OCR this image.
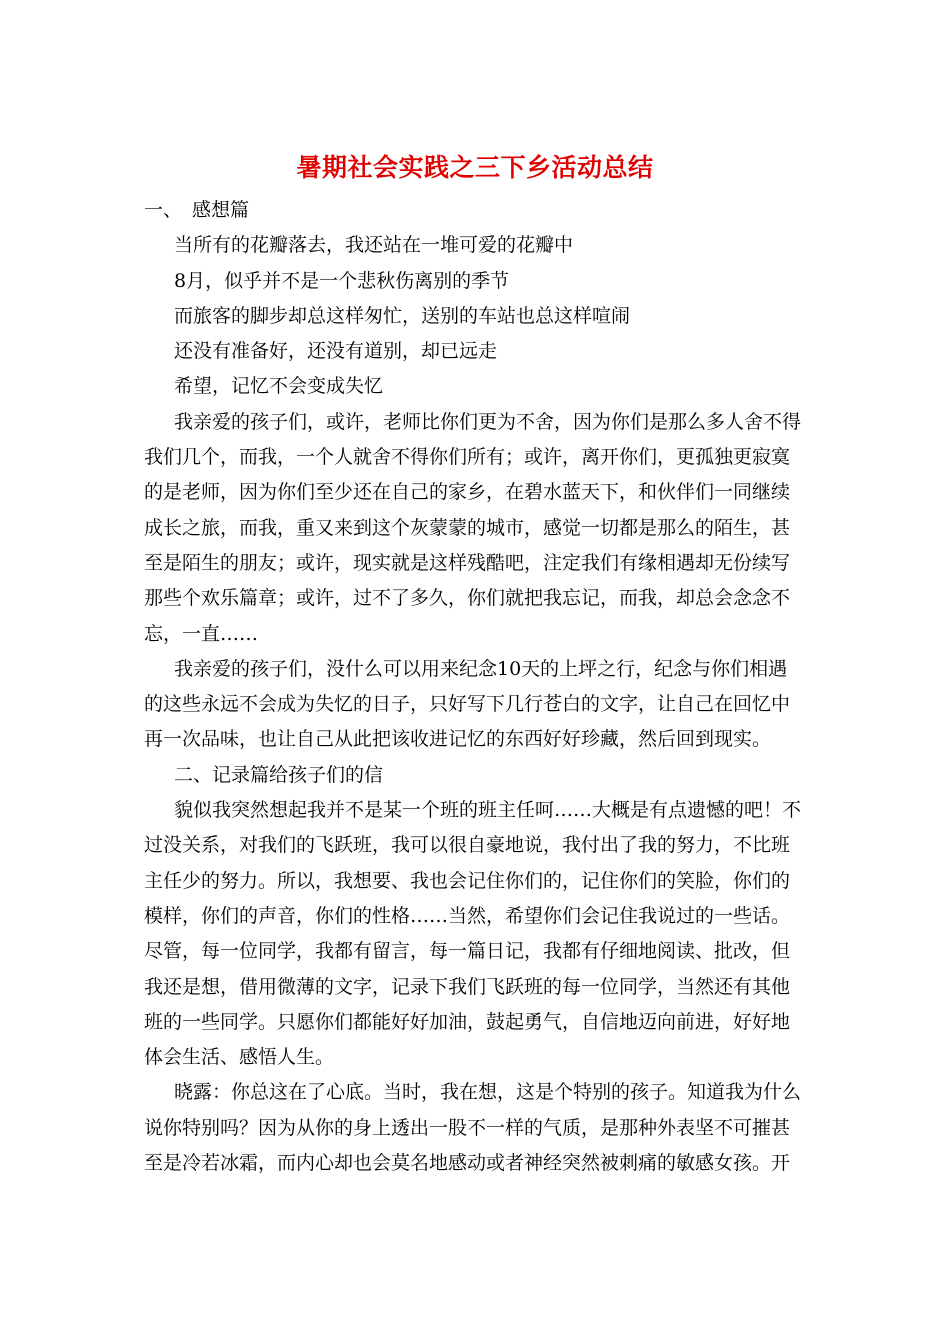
暑期社会实践之三下乡活动总结
一、 感想篇
当所有的花瓣落去，我还站在一堆可爱的花瓣中
8月，似乎并不是一个悲秋伤离别的季节
而旅客的脚步却总这样匆忙，送别的车站也总这样喧闹
还没有准备好，还没有道别，却已远走
希望，记忆不会变成失忆
我亲爱的孩子们，或许，老师比你们更为不舍，因为你们是那么多人舍不得
我们几个，而我，一个人就舍不得你们所有；或许，离开你们，更孤独更寂寞
的是老师，因为你们至少还在自己的家乡，在碧水蓝天下，和伙伴们一同继续
成长之旅，而我，重又来到这个灰蒙蒙的城市，感觉一切都是那么的陌生，甚
至是陌生的朋友；或许，现实就是这样残酷吧，注定我们有缘相遇却无份续写
那些个欢乐篇章；或许，过不了多久，你们就把我忘记，而我，却总会念念不
忘，一直……
我亲爱的孩子们，没什么可以用来纪念10天的上坪之行，纪念与你们相遇
的这些永远不会成为失忆的日子，只好写下几行苍白的文字，让自己在回忆中
再一次品味，也让自己从此把该收进记忆的东西好好珍藏，然后回到现实。
二、记录篇给孩子们的信
貌似我突然想起我并不是某一个班的班主任呵……大概是有点遗憾的吧！不
过没关系，对我们的飞跃班，我可以很自豪地说，我付出了我的努力，不比班
主任少的努力。所以，我想要、我也会记住你们的，记住你们的笑脸，你们的
模样，你们的声音，你们的性格……当然，希望你们会记住我说过的一些话。
尽管，每一位同学，我都有留言，每一篇日记，我都有仔细地阅读、批改，但
我还是想，借用微薄的文字，记录下我们飞跃班的每一位同学，当然还有其他
班的一些同学。只愿你们都能好好加油，鼓起勇气，自信地迈向前进，好好地
体会生活、感悟人生。
晓露：你总这在了心底。当时，我在想，这是个特别的孩子。知道我为什么
说你特别吗？因为从你的身上透出一股不一样的气质，是那种外表坚不可摧甚
至是冷若冰霜，而内心却也会莫名地感动或者神经突然被刺痛的敏感女孩。开
